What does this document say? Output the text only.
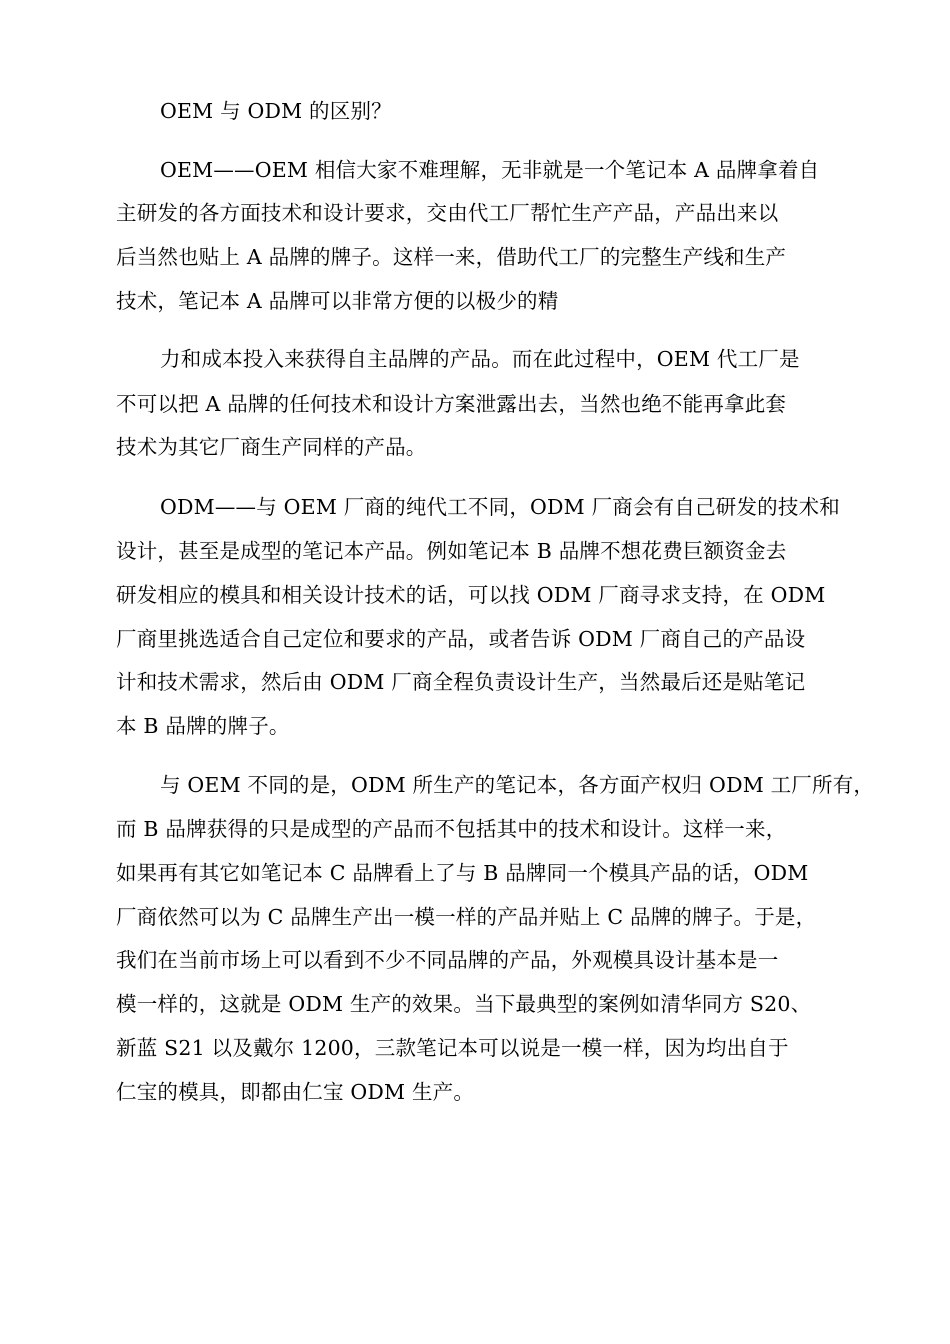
OEM 与 ODM 的区别？
OEM——OEM 相信大家不难理解，无非就是一个笔记本 A 品牌拿着自
主研发的各方面技术和设计要求，交由代工厂帮忙生产产品，产品出来以
后当然也贴上 A 品牌的牌子。这样一来，借助代工厂的完整生产线和生产
技术，笔记本 A 品牌可以非常方便的以极少的精
力和成本投入来获得自主品牌的产品。而在此过程中，OEM 代工厂是
不可以把 A 品牌的任何技术和设计方案泄露出去，当然也绝不能再拿此套
技术为其它厂商生产同样的产品。
ODM——与 OEM 厂商的纯代工不同，ODM 厂商会有自己研发的技术和
设计，甚至是成型的笔记本产品。例如笔记本 B 品牌不想花费巨额资金去
研发相应的模具和相关设计技术的话，可以找 ODM 厂商寻求支持，在 ODM
厂商里挑选适合自己定位和要求的产品，或者告诉 ODM 厂商自己的产品设
计和技术需求，然后由 ODM 厂商全程负责设计生产，当然最后还是贴笔记
本 B 品牌的牌子。
与 OEM 不同的是，ODM 所生产的笔记本，各方面产权归 ODM 工厂所有，
而 B 品牌获得的只是成型的产品而不包括其中的技术和设计。这样一来，
如果再有其它如笔记本 C 品牌看上了与 B 品牌同一个模具产品的话，ODM
厂商依然可以为 C 品牌生产出一模一样的产品并贴上 C 品牌的牌子。于是，
我们在当前市场上可以看到不少不同品牌的产品，外观模具设计基本是一
模一样的，这就是 ODM 生产的效果。当下最典型的案例如清华同方 S20、
新蓝 S21 以及戴尔 1200，三款笔记本可以说是一模一样，因为均出自于
仁宝的模具，即都由仁宝 ODM 生产。
